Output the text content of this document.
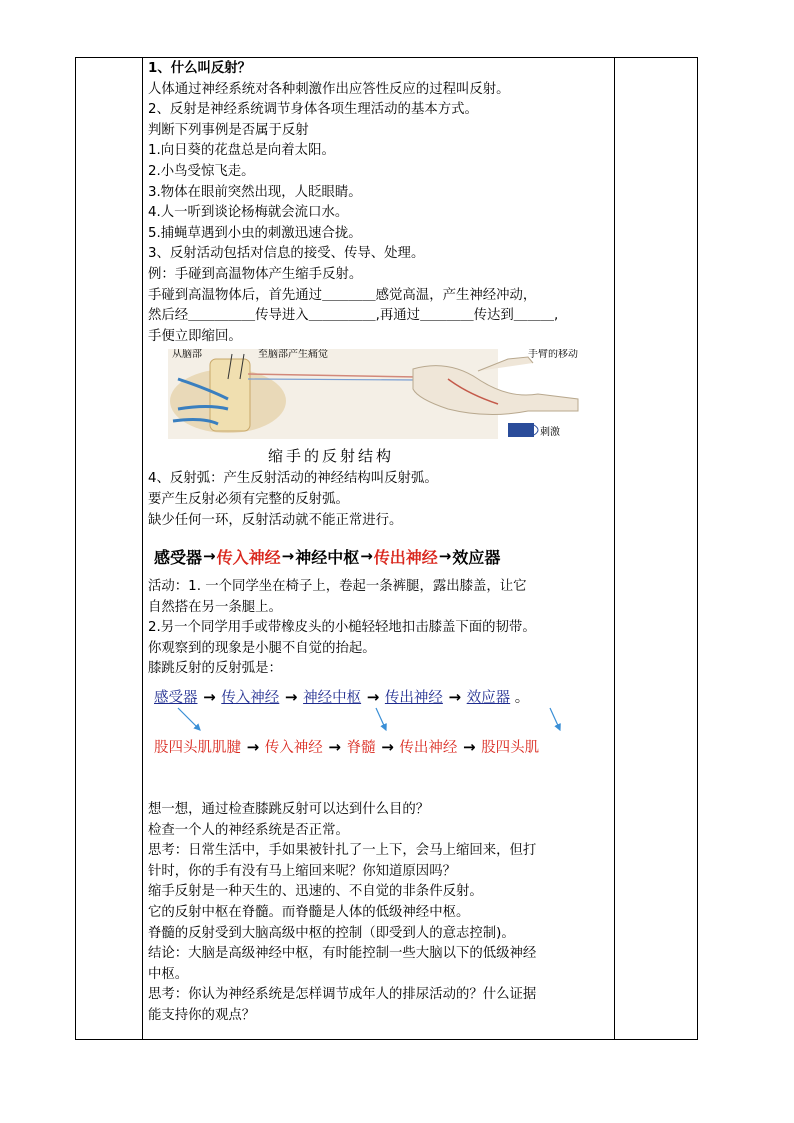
1、什么叫反射？

人体通过神经系统对各种刺激作出应答性反应的过程叫反射。

2、反射是神经系统调节身体各项生理活动的基本方式。

判断下列事例是否属于反射

1.向日葵的花盘总是向着太阳。

2.小鸟受惊飞走。

3.物体在眼前突然出现，人眨眼睛。

4.人一听到谈论杨梅就会流口水。

5.捕蝇草遇到小虫的刺激迅速合拢。

3、反射活动包括对信息的接受、传导、处理。

例：手碰到高温物体产生缩手反射。

手碰到高温物体后，首先通过＿＿＿＿感觉高温，产生神经冲动，

然后经＿＿＿＿＿传导进入＿＿＿＿＿,再通过＿＿＿＿传达到＿＿＿,

手便立即缩回。

从脑部	至脑部产生痛觉	手臂的移动
刺激
缩手的反射结构

4、反射弧：产生反射活动的神经结构叫反射弧。

要产生反射必须有完整的反射弧。

缺少任何一环，反射活动就不能正常进行。

感受器 → 传入神经 → 神经中枢 → 传出神经 → 效应器

活动：1. 一个同学坐在椅子上，卷起一条裤腿，露出膝盖，让它

自然搭在另一条腿上。

2.另一个同学用手或带橡皮头的小槌轻轻地扣击膝盖下面的韧带。

你观察到的现象是小腿不自觉的抬起。

膝跳反射的反射弧是：

感受器 → 传入神经 → 神经中枢 → 传出神经 → 效应器 。
股四头肌肌腱 → 传入神经 → 脊髓 → 传出神经 → 股四头肌

想一想，通过检查膝跳反射可以达到什么目的？

检查一个人的神经系统是否正常。

思考：日常生活中，手如果被针扎了一上下，会马上缩回来，但打

针时，你的手有没有马上缩回来呢？你知道原因吗？

缩手反射是一种天生的、迅速的、不自觉的非条件反射。

它的反射中枢在脊髓。而脊髓是人体的低级神经中枢。

脊髓的反射受到大脑高级中枢的控制（即受到人的意志控制)。

结论：大脑是高级神经中枢，有时能控制一些大脑以下的低级神经

中枢。

思考：你认为神经系统是怎样调节成年人的排尿活动的？什么证据

能支持你的观点？
